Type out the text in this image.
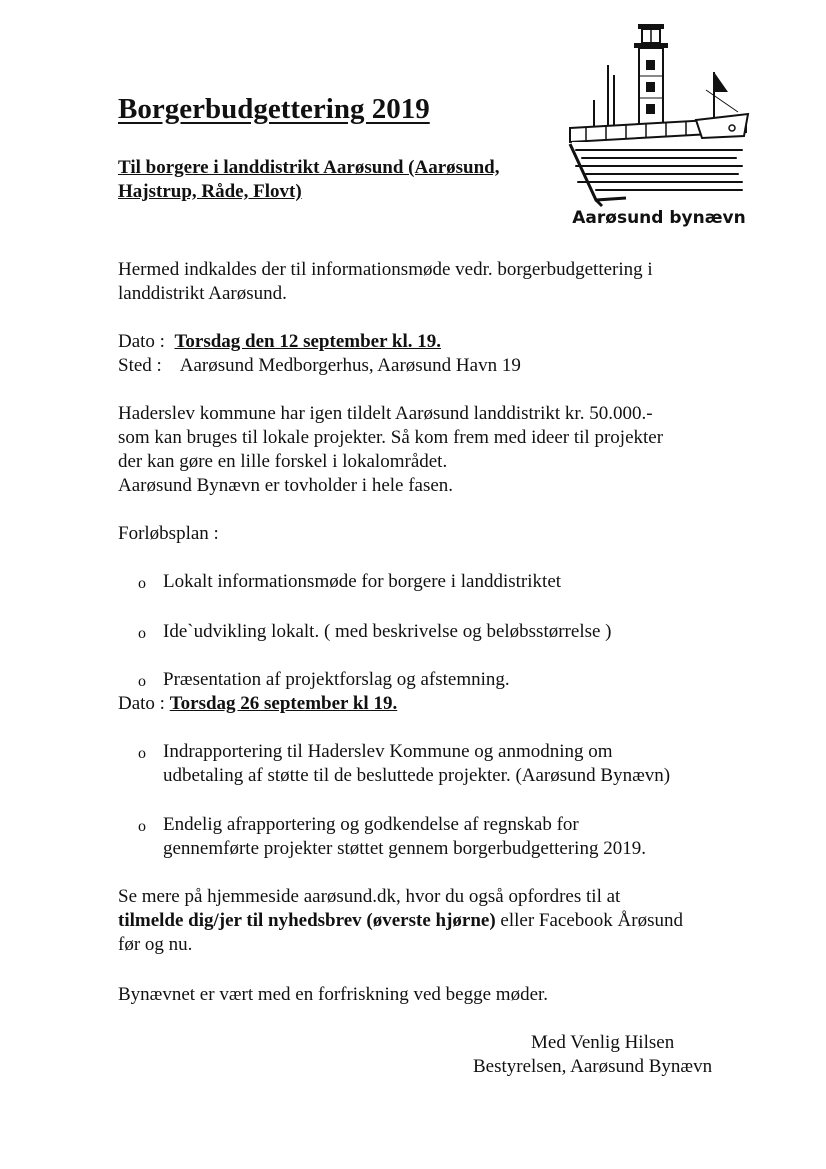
Borgerbudgettering 2019
Til borgere i landdistrikt Aarøsund (Aarøsund, Hajstrup, Råde, Flovt)
Aarøsund bynævn
Hermed indkaldes der til informationsmøde vedr. borgerbudgettering i
landdistrikt Aarøsund.
Dato : Torsdag den 12 september kl. 19.
Sted : Aarøsund Medborgerhus, Aarøsund Havn 19
Haderslev kommune har igen tildelt Aarøsund landdistrikt kr. 50.000.-
som kan bruges til lokale projekter. Så kom frem med ideer til projekter
der kan gøre en lille forskel i lokalområdet.
Aarøsund Bynævn er tovholder i hele fasen.
Forløbsplan :
o Lokalt informationsmøde for borgere i landdistriktet
o Ide`udvikling lokalt. ( med beskrivelse og beløbsstørrelse )
o Præsentation af projektforslag og afstemning.
Dato : Torsdag 26 september kl 19.
o Indrapportering til Haderslev Kommune og anmodning om
udbetaling af støtte til de besluttede projekter. (Aarøsund Bynævn)
o Endelig afrapportering og godkendelse af regnskab for
gennemførte projekter støttet gennem borgerbudgettering 2019.
Se mere på hjemmeside aarøsund.dk, hvor du også opfordres til at
tilmelde dig/jer til nyhedsbrev (øverste hjørne) eller Facebook Årøsund
før og nu.
Bynævnet er vært med en forfriskning ved begge møder.
Med Venlig Hilsen
Bestyrelsen, Aarøsund Bynævn
